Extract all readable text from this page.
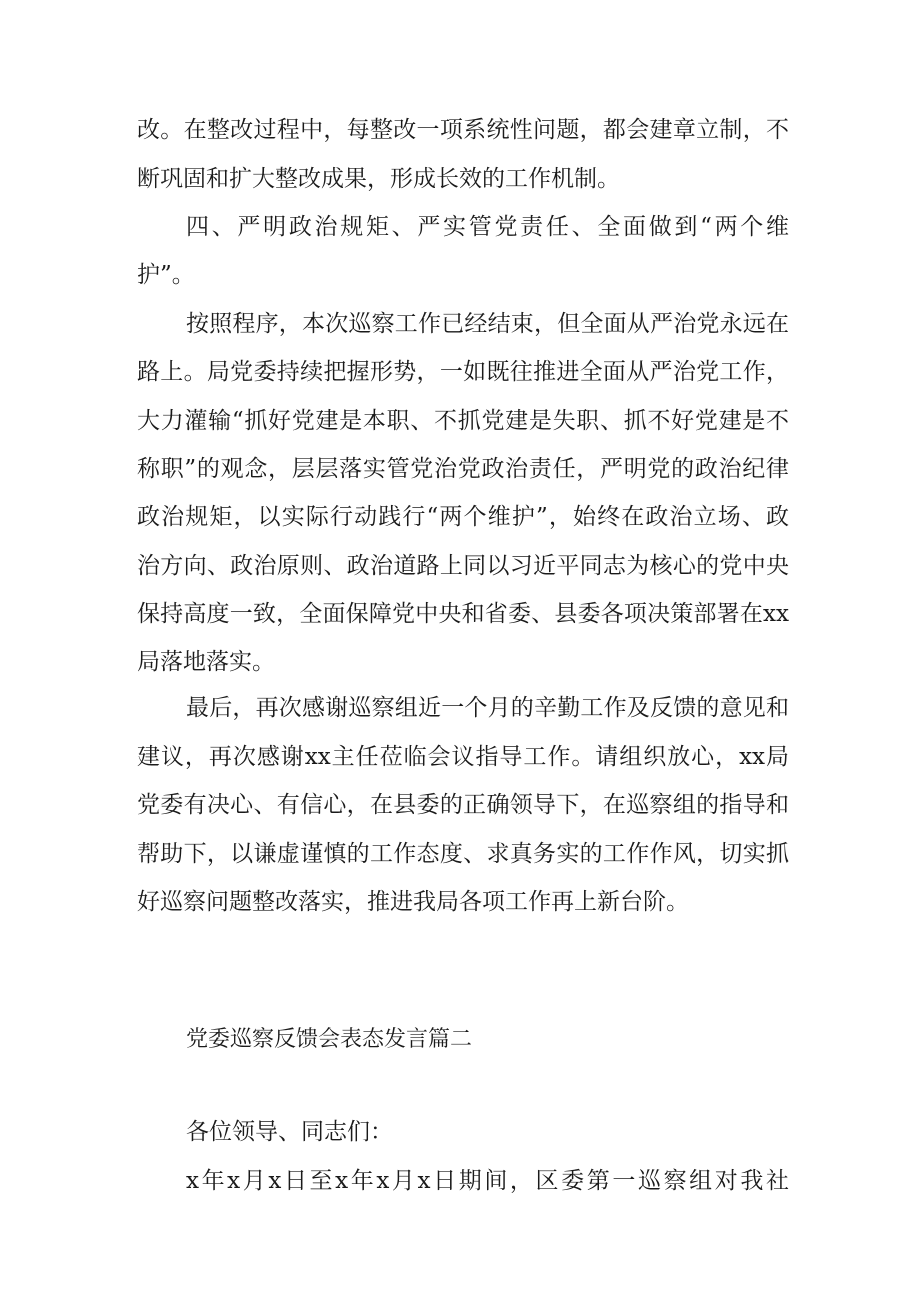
改。在整改过程中，每整改一项系统性问题，都会建章立制，不
断巩固和扩大整改成果，形成长效的工作机制。
四、严明政治规矩、严实管党责任、全面做到“两个维
护”。
按照程序，本次巡察工作已经结束，但全面从严治党永远在
路上。局党委持续把握形势，一如既往推进全面从严治党工作，
大力灌输“抓好党建是本职、不抓党建是失职、抓不好党建是不
称职”的观念，层层落实管党治党政治责任，严明党的政治纪律
政治规矩，以实际行动践行“两个维护”，始终在政治立场、政
治方向、政治原则、政治道路上同以习近平同志为核心的党中央
保持高度一致，全面保障党中央和省委、县委各项决策部署在xx
局落地落实。
最后，再次感谢巡察组近一个月的辛勤工作及反馈的意见和
建议，再次感谢xx主任莅临会议指导工作。请组织放心，xx局
党委有决心、有信心，在县委的正确领导下，在巡察组的指导和
帮助下，以谦虚谨慎的工作态度、求真务实的工作作风，切实抓
好巡察问题整改落实，推进我局各项工作再上新台阶。
党委巡察反馈会表态发言篇二
各位领导、同志们：
x年x月x日至x年x月x日期间，区委第一巡察组对我社
